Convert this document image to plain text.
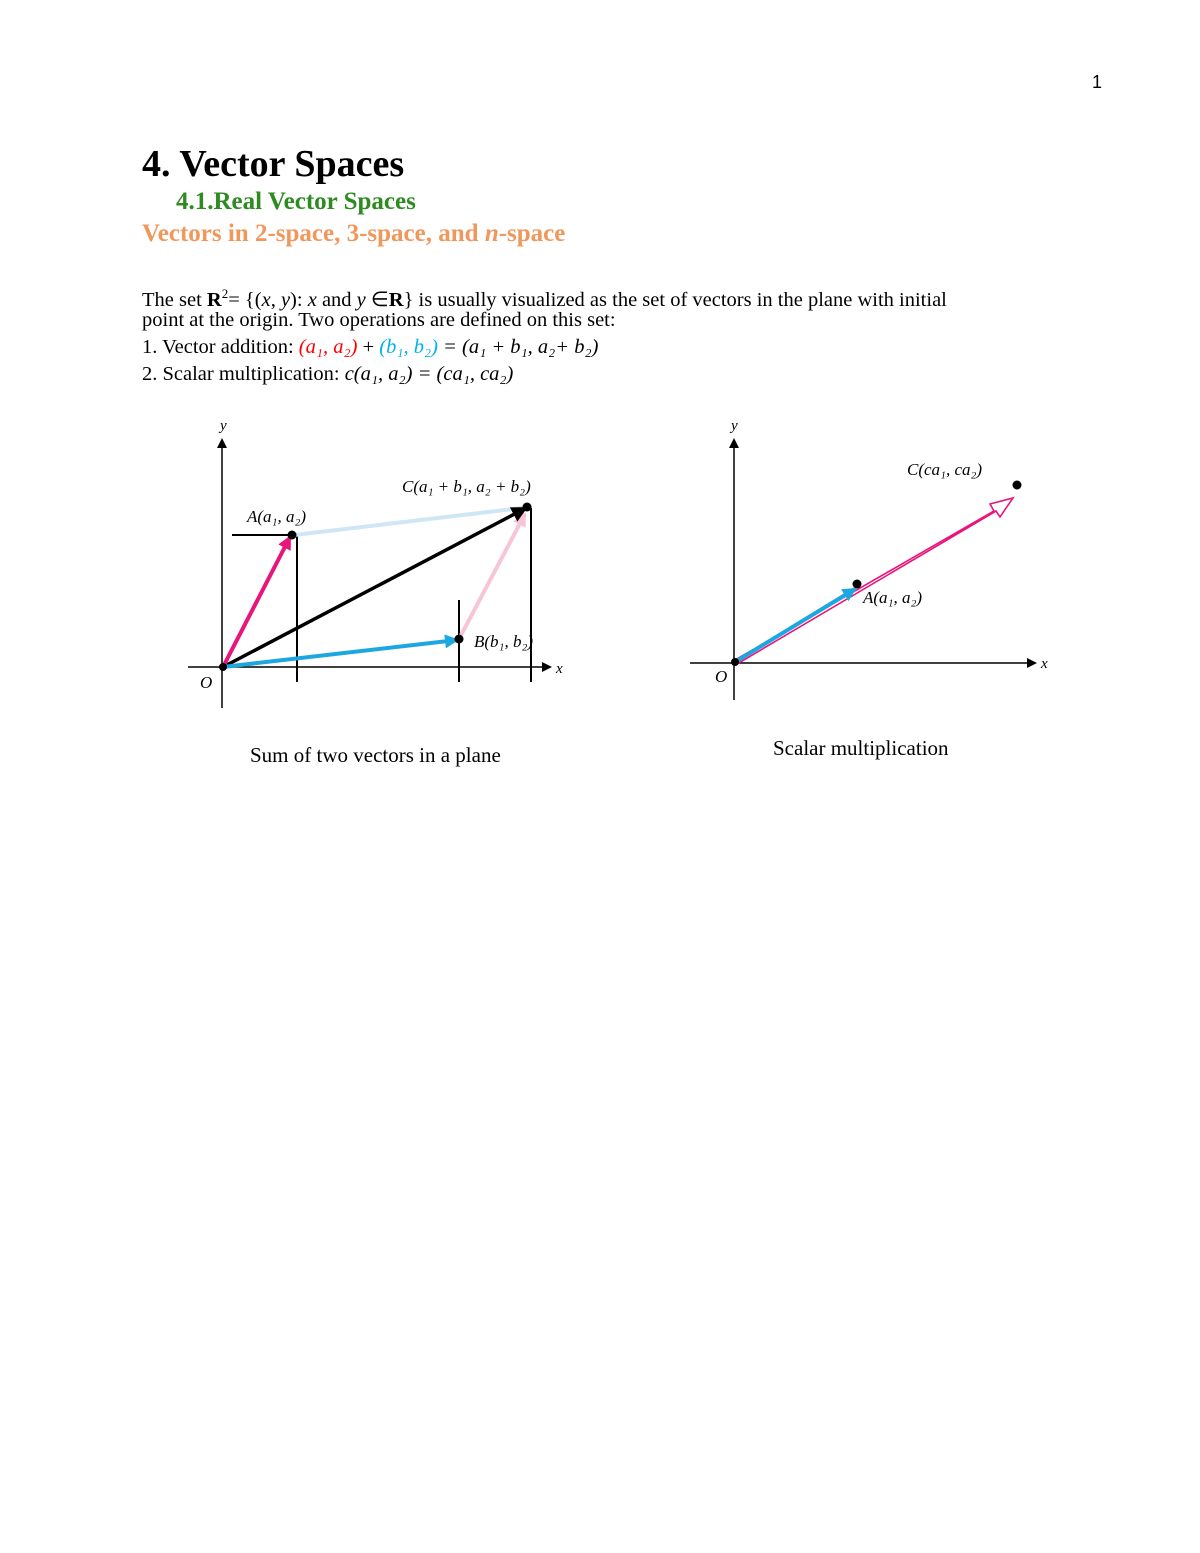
1
4. Vector Spaces
4.1.Real Vector Spaces
Vectors in 2-space, 3-space, and n-space
The set $R^2= \{(x$, y): x and y ∈R} is usually visualized as the set of vectors in the plane with initial
point at the origin. Two operations are defined on this set:
1. Vector addition: (a₁, a₂) + (b₁, b₂) = (a₁ + b₁, a₂+ b₂)
2. Scalar multiplication: c(a₁, a₂) = (ca₁, ca₂)
y
x
O
A(a₁, a₂)
C(a₁ + b₁, a₂ + b₂)
B(b₁, b₂)
Sum of two vectors in a plane
y
x
O
A(a₁, a₂)
C(ca₁, ca₂)
Scalar multiplication
